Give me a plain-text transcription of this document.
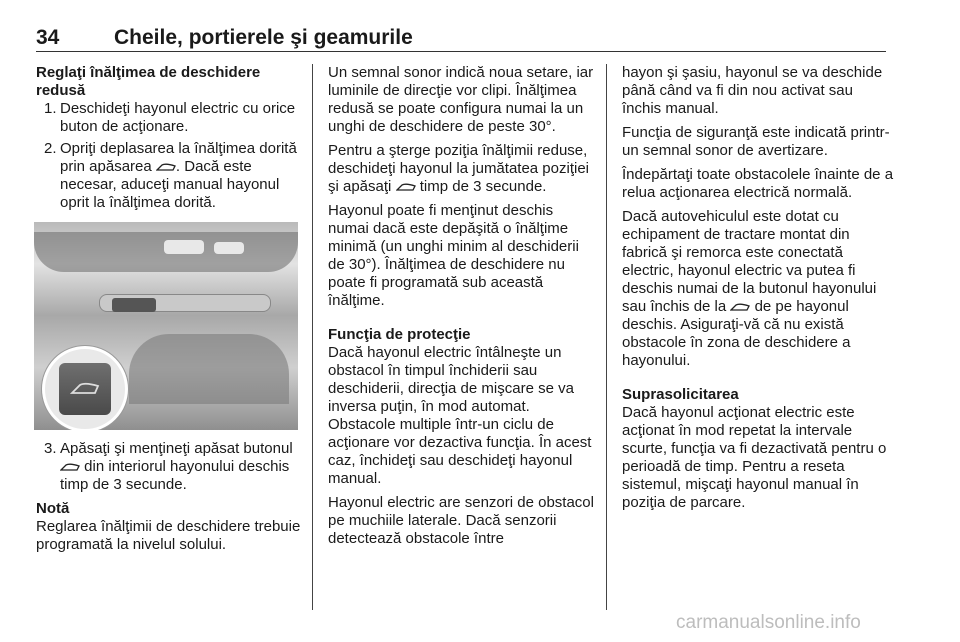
34	Cheile, portierele şi geamurile

Reglaţi înălţimea de deschidere redusă

1. Deschideţi hayonul electric cu orice buton de acţionare.
2. Opriţi deplasarea la înălţimea dorită prin apăsarea . Dacă este necesar, aduceţi manual hayonul oprit la înălţimea dorită.
3. Apăsaţi şi menţineţi apăsat butonul  din interiorul hayonului deschis timp de 3 secunde.

Notă

Reglarea înălţimii de deschidere trebuie programată la nivelul solului.

Un semnal sonor indică noua setare, iar luminile de direcţie vor clipi. Înălţimea redusă se poate configura numai la un unghi de deschidere de peste 30°.

Pentru a şterge poziţia înălţimii reduse, deschideţi hayonul la jumătatea poziţiei şi apăsaţi timp de 3 secunde.

Hayonul poate fi menţinut deschis numai dacă este depăşită o înălţime minimă (un unghi minim al deschiderii de 30°). Înălţimea de deschidere nu poate fi programată sub această înălţime.

Funcţia de protecţie

Dacă hayonul electric întâlneşte un obstacol în timpul închiderii sau deschiderii, direcţia de mişcare se va inversa puţin, în mod automat. Obstacole multiple într-un ciclu de acţionare vor dezactiva funcţia. În acest caz, închideţi sau deschideţi hayonul manual.

Hayonul electric are senzori de obstacol pe muchiile laterale. Dacă senzorii detectează obstacole între

hayon şi şasiu, hayonul se va deschide până când va fi din nou activat sau închis manual.

Funcţia de siguranţă este indicată printr-un semnal sonor de avertizare.

Îndepărtaţi toate obstacolele înainte de a relua acţionarea electrică normală.

Dacă autovehiculul este dotat cu echipament de tractare montat din fabrică şi remorca este conectată electric, hayonul electric va putea fi deschis numai de la butonul hayonului sau închis de la de pe hayonul deschis. Asiguraţi-vă că nu există obstacole în zona de deschidere a hayonului.

Suprasolicitarea

Dacă hayonul acţionat electric este acţionat în mod repetat la intervale scurte, funcţia va fi dezactivată pentru o perioadă de timp. Pentru a reseta sistemul, mişcaţi hayonul manual în poziţia de parcare.

carmanualsonline.info
